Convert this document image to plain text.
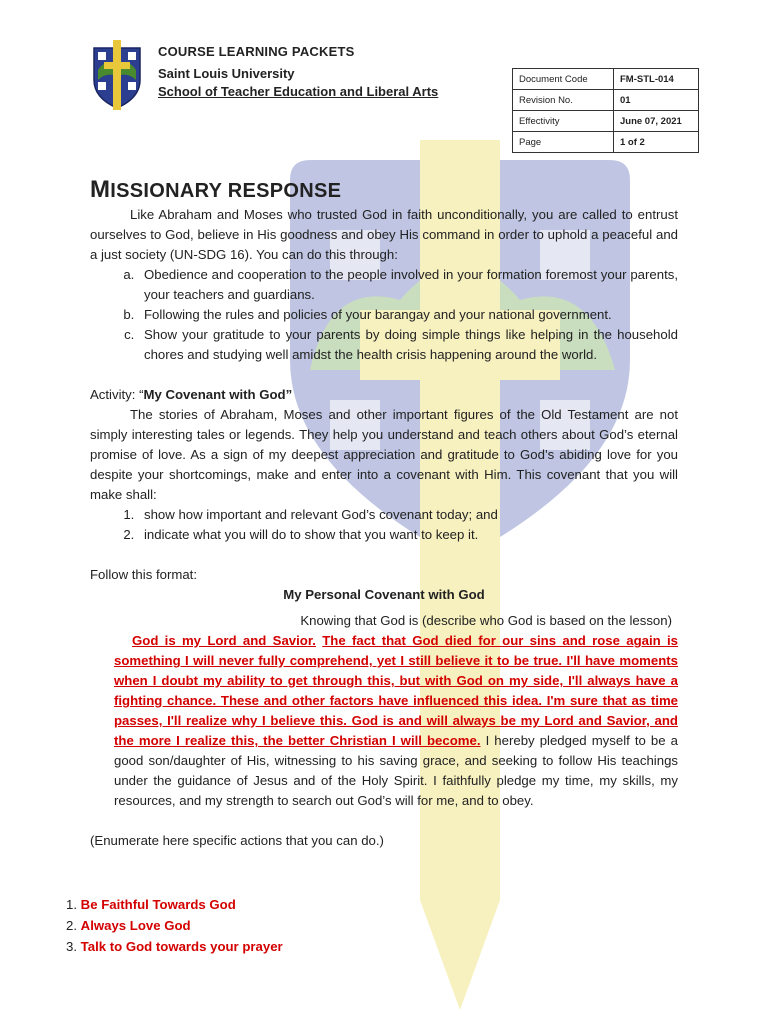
COURSE LEARNING PACKETS
Saint Louis University
School of Teacher Education and Liberal Arts
Document Code	FM-STL-014
Revision No.	01
Effectivity	June 07, 2021
Page	1 of 2
MISSIONARY RESPONSE

Like Abraham and Moses who trusted God in faith unconditionally, you are called to entrust ourselves to God, believe in His goodness and obey His command in order to uphold a peaceful and a just society (UN-SDG 16). You can do this through:

a. Obedience and cooperation to the people involved in your formation foremost your parents, your teachers and guardians.
b. Following the rules and policies of your barangay and your national government.
c. Show your gratitude to your parents by doing simple things like helping in the household chores and studying well amidst the health crisis happening around the world.

Activity: “My Covenant with God”

The stories of Abraham, Moses and other important figures of the Old Testament are not simply interesting tales or legends. They help you understand and teach others about God’s eternal promise of love. As a sign of my deepest appreciation and gratitude to God’s abiding love for you despite your shortcomings, make and enter into a covenant with Him. This covenant that you will make shall:

1. show how important and relevant God’s covenant today; and
2. indicate what you will do to show that you want to keep it.

Follow this format:

My Personal Covenant with God

Knowing that God is (describe who God is based on the lesson)

God is my Lord and Savior. The fact that God died for our sins and rose again is something I will never fully comprehend, yet I still believe it to be true. I'll have moments when I doubt my ability to get through this, but with God on my side, I'll always have a fighting chance. These and other factors have influenced this idea. I'm sure that as time passes, I'll realize why I believe this. God is and will always be my Lord and Savior, and the more I realize this, the better Christian I will become. I hereby pledged myself to be a good son/daughter of His, witnessing to his saving grace, and seeking to follow His teachings under the guidance of Jesus and of the Holy Spirit. I faithfully pledge my time, my skills, my resources, and my strength to search out God’s will for me, and to obey.

(Enumerate here specific actions that you can do.)

1. Be Faithful Towards God
2. Always Love God
3. Talk to God towards your prayer
